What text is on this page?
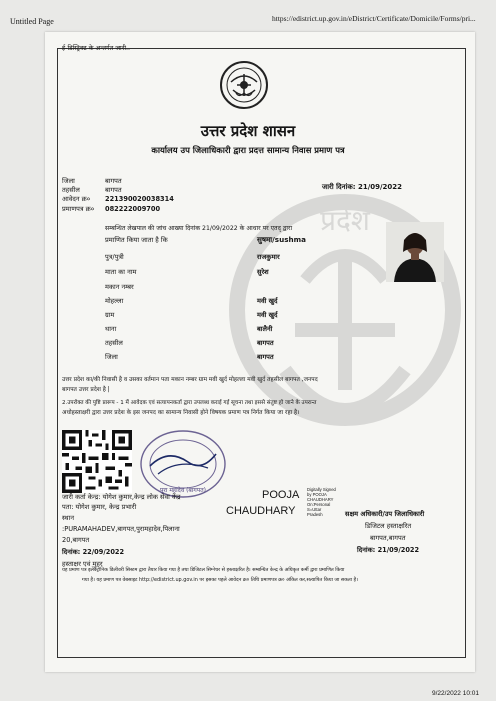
Untitled Page	https://edistrict.up.gov.in/eDistrict/Certificate/Domicile/Forms/pri...
ई-डिस्ट्रिक्ट के अन्तर्गत जारी..
उत्तर प्रदेश शासन
कार्यालय उप जिलाधिकारी द्वारा प्रदत्त सामान्य निवास प्रमाण पत्र
प्रदेश
जिला	बागपत
तहसील	बागपत
आवेदन क्र० 221390020038314
प्रमाणपत्र क्र० 082222009700
जारी दिनांक: 21/09/2022
सम्बन्धित लेखपाल की जांच आख्या दिनांक 21/09/2022 के आधार पर एतद् द्वारा
प्रमाणित किया जाता है कि	सुषमा/sushma
पुत्र/पुत्री	राजकुमार
माता का नाम	सुरेश
मकान नम्बर
मोहल्ला	मवी खुर्द
ग्राम	मवी खुर्द
थाना	बालैनी
तहसील	बागपत
जिला	बागपत
उत्तर प्रदेश का/की निवासी है व उसका वर्तमान पता मकान नम्बर ग्राम मवी खुर्द मोहल्ला मवी खुर्द तहसील बागपत ,जनपद
बागपत उत्तर प्रदेश है |
2.उपरोक्त की पुष्टि प्रारूप - 1 में आवेदक एवं सत्यापनकर्ता द्वारा उपलब्ध कराई गई सूचना तथा इससे संतुष्ट हो जाने के उपरान्त
अधोहस्ताक्षरी द्वारा उत्तर प्रदेश के इस जनपद का सामान्य निवासी होने विषयक प्रमाण पत्र निर्गत किया जा रहा है।
पुरा महादेव (बागपत)
जारी कर्ता केन्द्र: योगेश कुमार,केन्द्र लोक सेवा केंद्र
पता: योगेश कुमार, केन्द्र प्रभारी
स्थान
:PURAMAHADEV,बागपत,पुरामहादेव,पिलाना
20,बागपत
दिनांक: 22/09/2022
हस्ताक्षर एवं मुहर
POOJA
CHAUDHARY
Digitally Signed
by POOJA
CHAUDHARY
On:Personal
S=Uttar
Pradesh	सक्षम अधिकारी/उप जिलाधिकारी
डिजिटल हस्ताक्षरित
बागपत,बागपत
दिनांक: 21/09/2022
यह प्रमाण पत्र इलेक्ट्रॉनिक डिलीवरी सिस्टम द्वारा तैयार किया गया है तथा डिजिटल सिग्नेचर से हस्ताक्षरित है। सम्बन्धित केन्द्र के अधिकृत कर्मी द्वारा प्रमाणित किया
गया है। यह प्रमाण पत्र वेबसाइट http://edistrict.up.gov.in पर इसका पहले आवेदन क्र० तिथि प्रमाणपत्र क्र० अंकित कर,सत्यापित किया जा सकता है।
9/22/2022 10:01
